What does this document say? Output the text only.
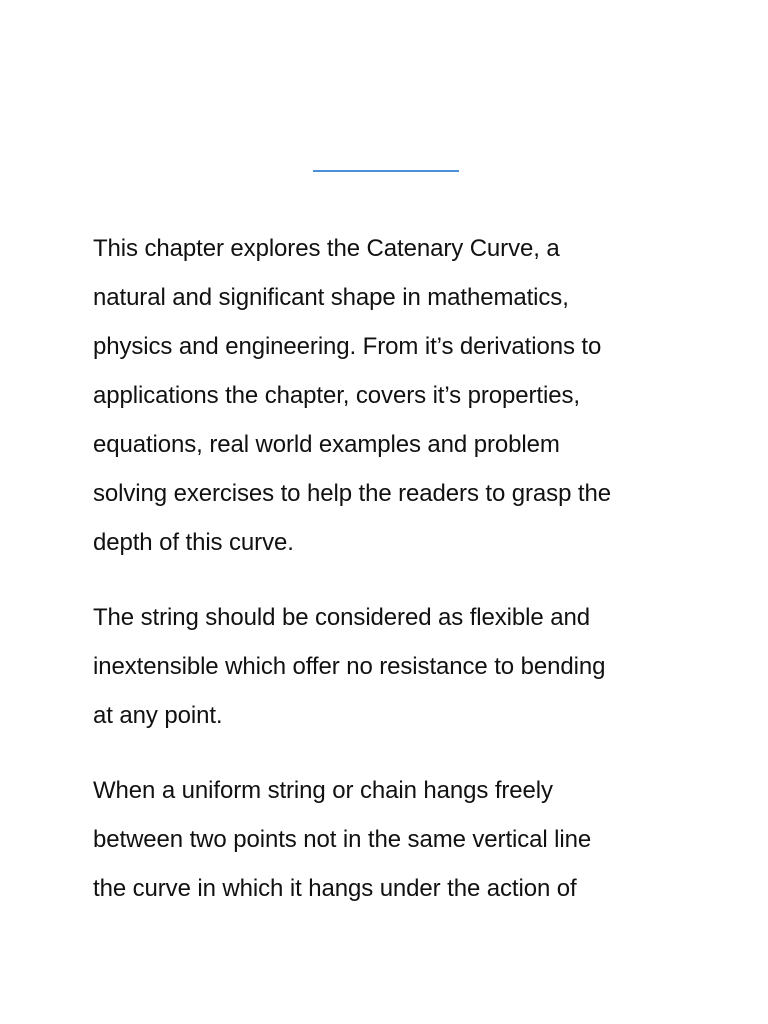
This chapter explores the Catenary Curve, a
natural and significant shape in mathematics,
physics and engineering. From it’s derivations to
applications the chapter, covers it’s properties,
equations, real world examples and problem
solving exercises to help the readers to grasp the
depth of this curve.

The string should be considered as flexible and
inextensible which offer no resistance to bending
at any point.

When a uniform string or chain hangs freely
between two points not in the same vertical line
the curve in which it hangs under the action of
